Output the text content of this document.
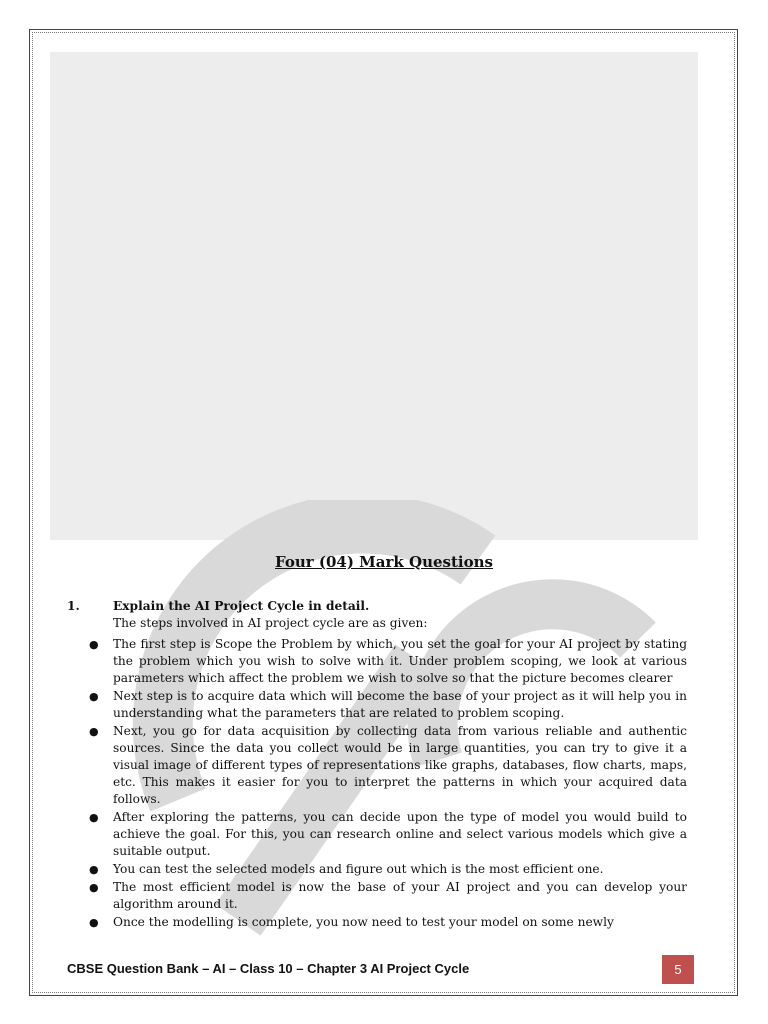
Four (04) Mark Questions
1.	Explain the AI Project Cycle in detail.
The steps involved in AI project cycle are as given:
● The first step is Scope the Problem by which, you set the goal for your AI project by stating the problem which you wish to solve with it. Under problem scoping, we look at various parameters which affect the problem we wish to solve so that the picture becomes clearer
● Next step is to acquire data which will become the base of your project as it will help you in understanding what the parameters that are related to problem scoping.
● Next, you go for data acquisition by collecting data from various reliable and authentic sources. Since the data you collect would be in large quantities, you can try to give it a visual image of different types of representations like graphs, databases, flow charts, maps, etc. This makes it easier for you to interpret the patterns in which your acquired data follows.
● After exploring the patterns, you can decide upon the type of model you would build to achieve the goal. For this, you can research online and select various models which give a suitable output.
● You can test the selected models and figure out which is the most efficient one.
● The most efficient model is now the base of your AI project and you can develop your algorithm around it.
● Once the modelling is complete, you now need to test your model on some newly
CBSE Question Bank – AI – Class 10 – Chapter 3 AI Project Cycle	5
